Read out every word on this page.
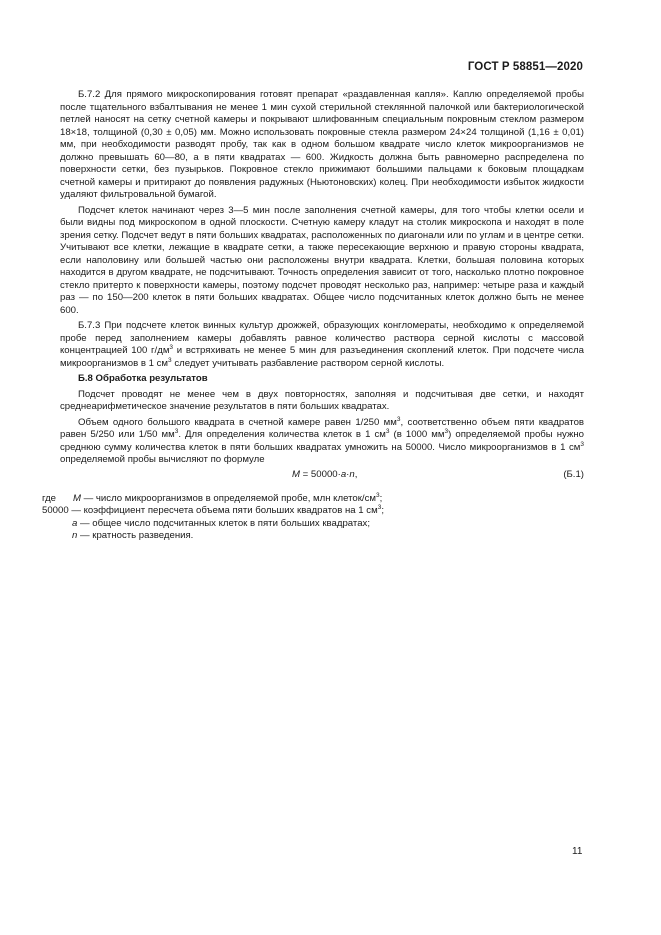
ГОСТ Р 58851—2020

Б.7.2 Для прямого микроскопирования готовят препарат «раздавленная капля». Каплю определяемой пробы после тщательного взбалтывания не менее 1 мин сухой стерильной стеклянной палочкой или бактериологической петлей наносят на сетку счетной камеры и покрывают шлифованным специальным покровным стеклом размером 18×18, толщиной (0,30 ± 0,05) мм. Можно использовать покровные стекла размером 24×24 толщиной (1,16 ± 0,01) мм, при необходимости разводят пробу, так как в одном большом квадрате число клеток микроорганизмов не должно превышать 60—80, а в пяти квадратах — 600. Жидкость должна быть равномерно распределена по поверхности сетки, без пузырьков. Покровное стекло прижимают большими пальцами к боковым площадкам счетной камеры и притирают до появления радужных (Ньютоновских) колец. При необходимости избыток жидкости удаляют фильтровальной бумагой.

Подсчет клеток начинают через 3—5 мин после заполнения счетной камеры, для того чтобы клетки осели и были видны под микроскопом в одной плоскости. Счетную камеру кладут на столик микроскопа и находят в поле зрения сетку. Подсчет ведут в пяти больших квадратах, расположенных по диагонали или по углам и в центре сетки. Учитывают все клетки, лежащие в квадрате сетки, а также пересекающие верхнюю и правую стороны квадрата, если наполовину или большей частью они расположены внутри квадрата. Клетки, большая половина которых находится в другом квадрате, не подсчитывают. Точность определения зависит от того, насколько плотно покровное стекло притерто к поверхности камеры, поэтому подсчет проводят несколько раз, например: четыре раза и каждый раз — по 150—200 клеток в пяти больших квадратах. Общее число подсчитанных клеток должно быть не менее 600.

Б.7.3 При подсчете клеток винных культур дрожжей, образующих конгломераты, необходимо к определяемой пробе перед заполнением камеры добавлять равное количество раствора серной кислоты с массовой концентрацией 100 $г/дм^3$ и встряхивать не менее 5 мин для разъединения скоплений клеток. При подсчете числа микроорганизмов в 1 $см^3$ следует учитывать разбавление раствором серной кислоты.

Б.8 Обработка результатов

Подсчет проводят не менее чем в двух повторностях, заполняя и подсчитывая две сетки, и находят среднеарифметическое значение результатов в пяти больших квадратах.

Объем одного большого квадрата в счетной камере равен 1/250 $мм^3$, соответственно объем пяти квадратов равен 5/250 или 1/50 $мм^3$. Для определения количества клеток в 1 $см^3$ (в 1000 $мм^3$) определяемой пробы нужно среднюю сумму количества клеток в пяти больших квадратах умножить на 50000. Число микроорганизмов в 1 $см^3$ определяемой пробы вычисляют по формуле

M = 50000·a·n,	(Б.1)
где M — число микроорганизмов в определяемой пробе, млн клеток/$см^3$;
50000 — коэффициент пересчета объема пяти больших квадратов на 1 $см^3$;
a — общее число подсчитанных клеток в пяти больших квадратах;
n — кратность разведения.
11
